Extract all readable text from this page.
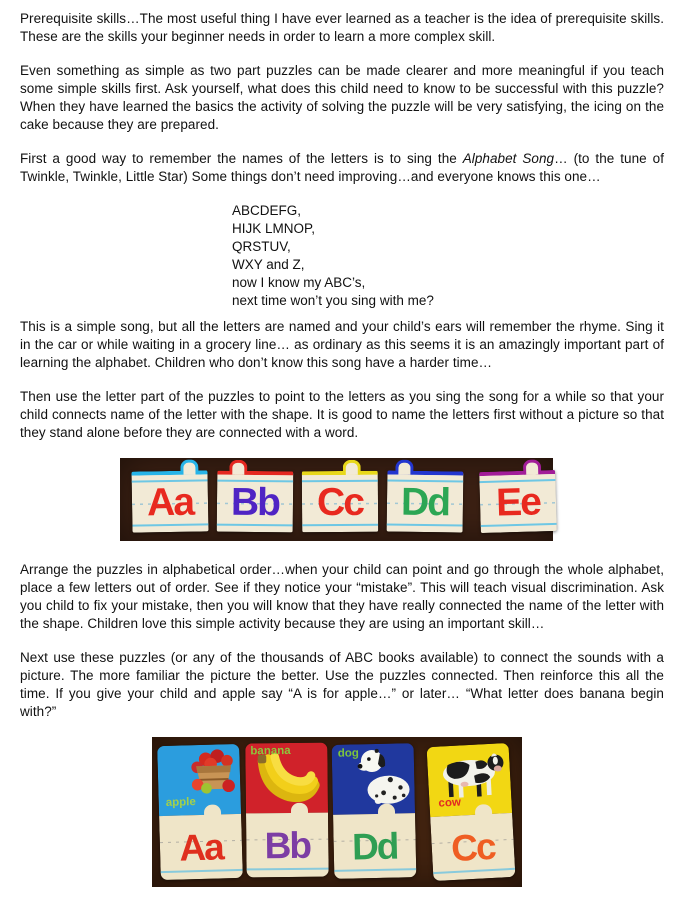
Prerequisite skills…The most useful thing I have ever learned as a teacher is the idea of prerequisite skills. These are the skills your beginner needs in order to learn a more complex skill.

Even something as simple as two part puzzles can be made clearer and more meaningful if you teach some simple skills first. Ask yourself, what does this child need to know to be successful with this puzzle? When they have learned the basics the activity of solving the puzzle will be very satisfying, the icing on the cake because they are prepared.

First a good way to remember the names of the letters is to sing the Alphabet Song… (to the tune of Twinkle, Twinkle, Little Star) Some things don’t need improving…and everyone knows this one…

ABCDEFG,
HIJK LMNOP,
QRSTUV,
WXY and Z,
now I know my ABC’s,
next time won’t you sing with me?

This is a simple song, but all the letters are named and your child’s ears will remember the rhyme. Sing it in the car or while waiting in a grocery line… as ordinary as this seems it is an amazingly important part of learning the alphabet. Children who don’t know this song have a harder time…

Then use the letter part of the puzzles to point to the letters as you sing the song for a while so that your child connects name of the letter with the shape. It is good to name the letters first without a picture so that they stand alone before they are connected with a word.

Aa Bb Cc Dd Ee

Arrange the puzzles in alphabetical order…when your child can point and go through the whole alphabet, place a few letters out of order. See if they notice your “mistake”. This will teach visual discrimination. Ask you child to fix your mistake, then you will know that they have really connected the name of the letter with the shape. Children love this simple activity because they are using an important skill…

Next use these puzzles (or any of the thousands of ABC books available) to connect the sounds with a picture. The more familiar the picture the better. Use the puzzles connected. Then reinforce this all the time. If you give your child and apple say “A is for apple…” or later… “What letter does banana begin with?”

apple
Aa
banana
Bb
dog
Dd
cow
Cc
